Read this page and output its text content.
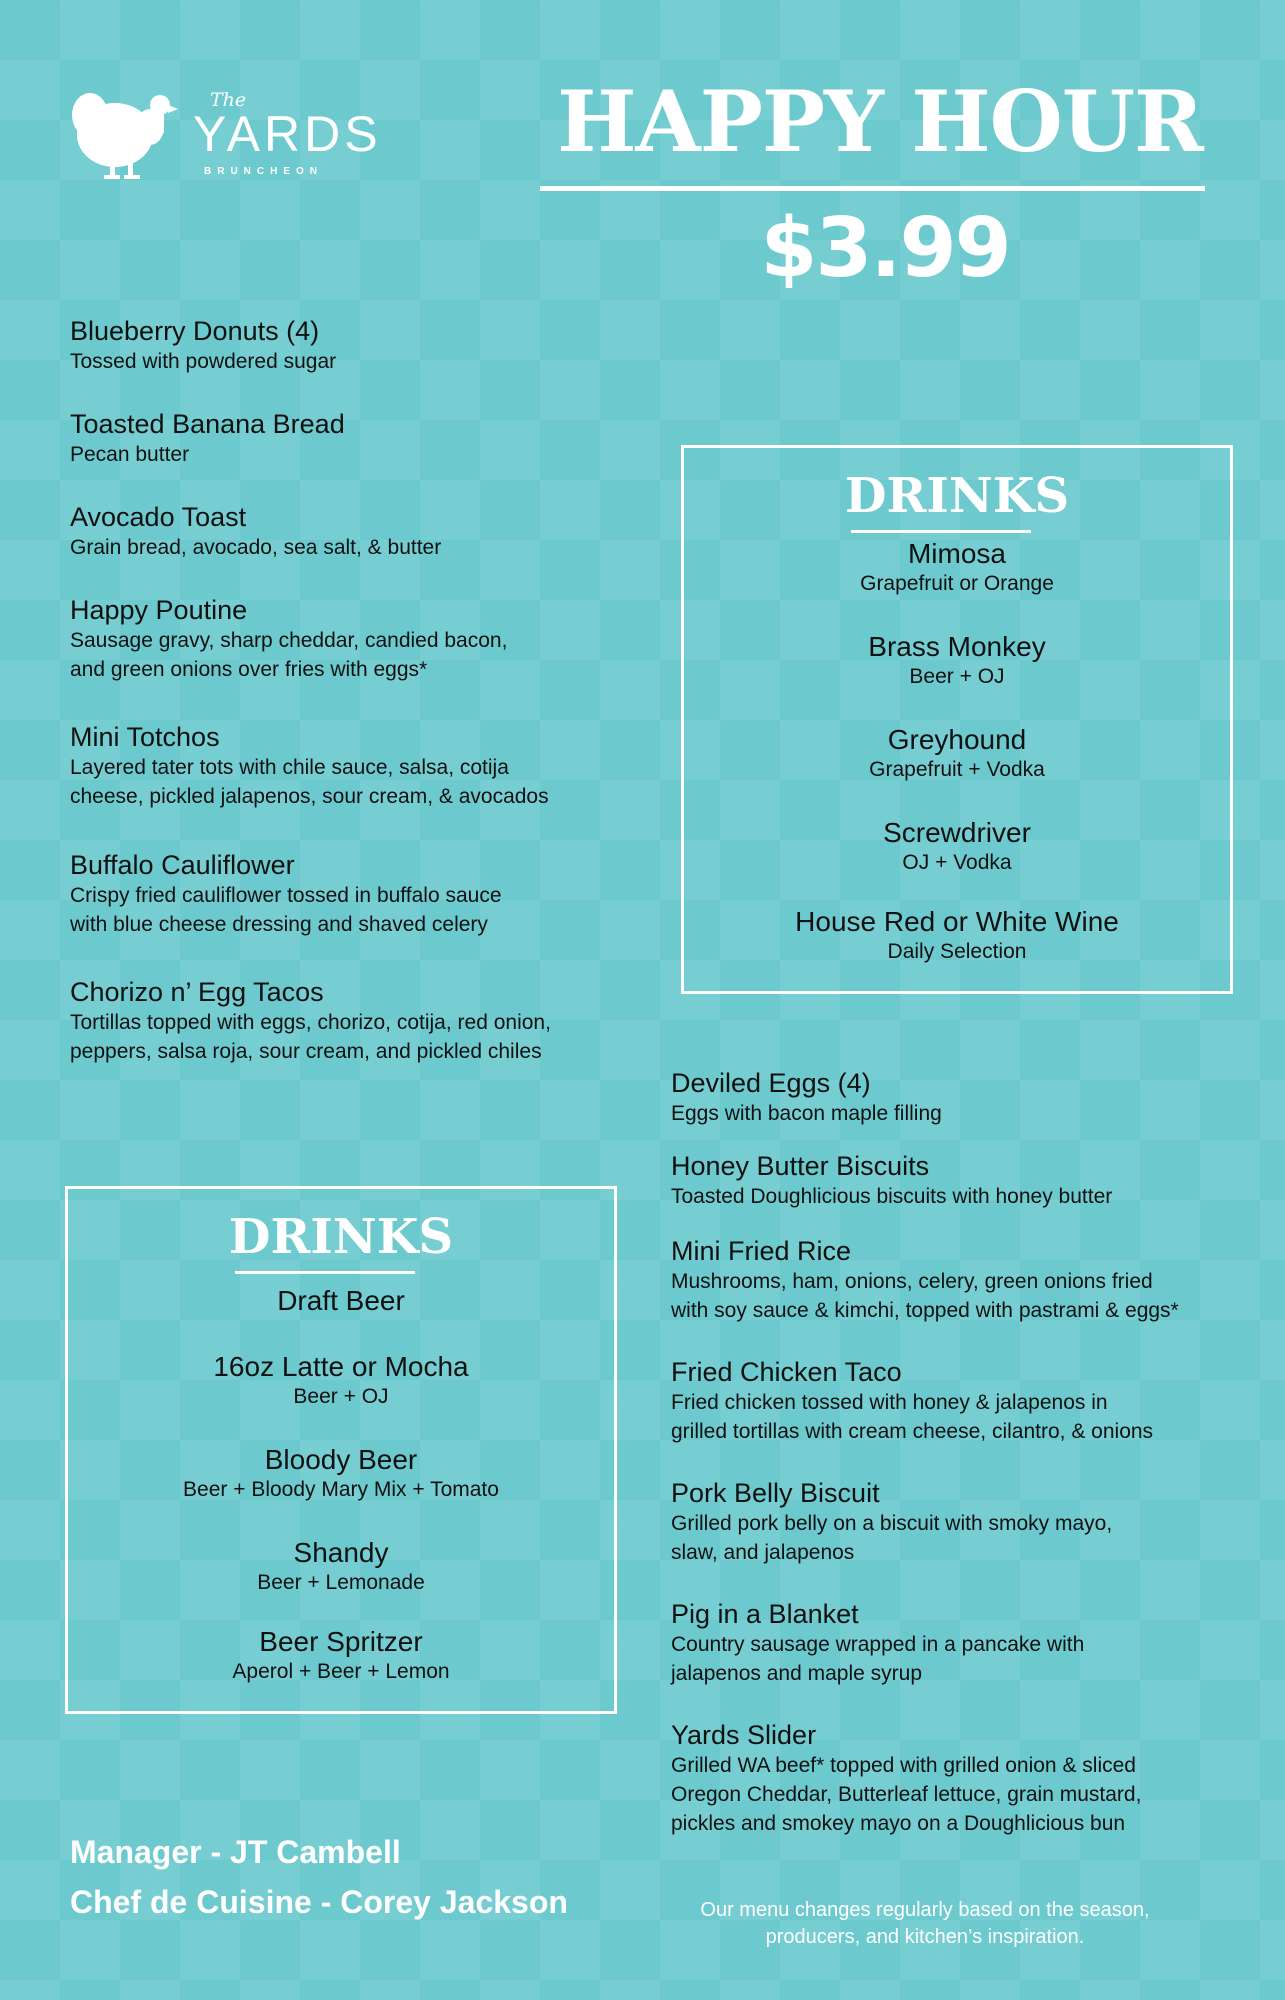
The
YARDS
BRUNCHEON
HAPPY HOUR
$3.99
Blueberry Donuts (4)
Tossed with powdered sugar
Toasted Banana Bread
Pecan butter
Avocado Toast
Grain bread, avocado, sea salt, & butter
Happy Poutine
Sausage gravy, sharp cheddar, candied bacon,
and green onions over fries with eggs*
Mini Totchos
Layered tater tots with chile sauce, salsa, cotija
cheese, pickled jalapenos, sour cream, & avocados
Buffalo Cauliflower
Crispy fried cauliflower tossed in buffalo sauce
with blue cheese dressing and shaved celery
Chorizo n’ Egg Tacos
Tortillas topped with eggs, chorizo, cotija, red onion,
peppers, salsa roja, sour cream, and pickled chiles
DRINKS
Mimosa
Grapefruit or Orange
Brass Monkey
Beer + OJ
Greyhound
Grapefruit + Vodka
Screwdriver
OJ + Vodka
House Red or White Wine
Daily Selection
Deviled Eggs (4)
Eggs with bacon maple filling
Honey Butter Biscuits
Toasted Doughlicious biscuits with honey butter
Mini Fried Rice
Mushrooms, ham, onions, celery, green onions fried
with soy sauce & kimchi, topped with pastrami & eggs*
Fried Chicken Taco
Fried chicken tossed with honey & jalapenos in
grilled tortillas with cream cheese, cilantro, & onions
Pork Belly Biscuit
Grilled pork belly on a biscuit with smoky mayo,
slaw, and jalapenos
Pig in a Blanket
Country sausage wrapped in a pancake with
jalapenos and maple syrup
Yards Slider
Grilled WA beef* topped with grilled onion & sliced
Oregon Cheddar, Butterleaf lettuce, grain mustard,
pickles and smokey mayo on a Doughlicious bun
DRINKS
Draft Beer
16oz Latte or Mocha
Beer + OJ
Bloody Beer
Beer + Bloody Mary Mix + Tomato
Shandy
Beer + Lemonade
Beer Spritzer
Aperol + Beer + Lemon
Manager - JT Cambell
Chef de Cuisine - Corey Jackson	Our menu changes regularly based on the season,
producers, and kitchen’s inspiration.
